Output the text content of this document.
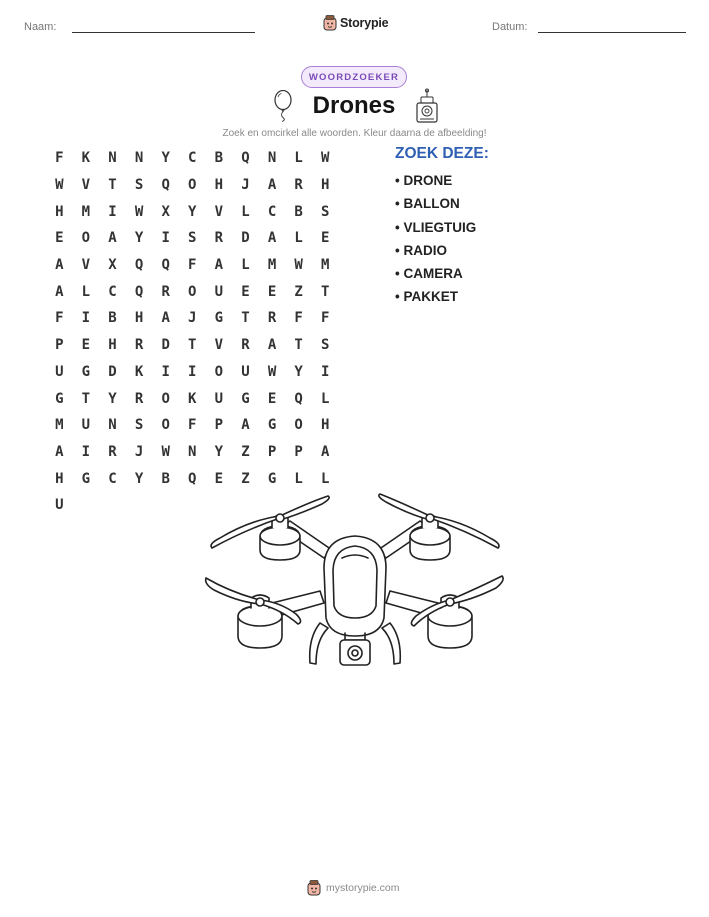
Naam:	Storypie	Datum:
WOORDZOEKER
Drones
Zoek en omcirkel alle woorden. Kleur daarna de afbeelding!
F	K	N	N	Y	C	B	Q	N	L	W
W	V	T	S	Q	O	H	J	A	R	H
H	M	I	W	X	Y	V	L	C	B	S
E	O	A	Y	I	S	R	D	A	L	E
A	V	X	Q	Q	F	A	L	M	W	M
A	L	C	Q	R	O	U	E	E	Z	T
F	I	B	H	A	J	G	T	R	F	F
P	E	H	R	D	T	V	R	A	T	S
U	G	D	K	I	I	O	U	W	Y	I
G	T	Y	R	O	K	U	G	E	Q	L
M	U	N	S	O	F	P	A	G	O	H
A	I	R	J	W	N	Y	Z	P	P	A
H	G	C	Y	B	Q	E	Z	G	L	L
U
ZOEK DEZE:
• DRONE
• BALLON
• VLIEGTUIG
• RADIO
• CAMERA
• PAKKET
mystorypie.com
